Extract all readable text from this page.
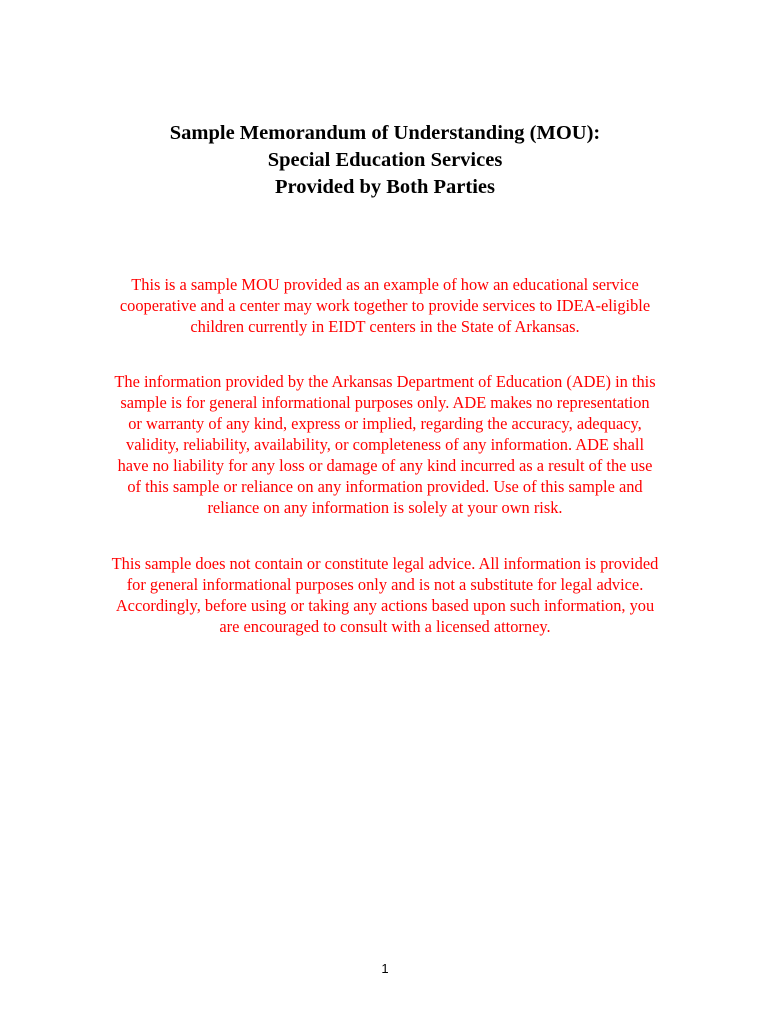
Sample Memorandum of Understanding (MOU):
Special Education Services
Provided by Both Parties

This is a sample MOU provided as an example of how an educational service
cooperative and a center may work together to provide services to IDEA-eligible
children currently in EIDT centers in the State of Arkansas.

The information provided by the Arkansas Department of Education (ADE) in this
sample is for general informational purposes only. ADE makes no representation
or warranty of any kind, express or implied, regarding the accuracy, adequacy,
validity, reliability, availability, or completeness of any information. ADE shall
have no liability for any loss or damage of any kind incurred as a result of the use
of this sample or reliance on any information provided. Use of this sample and
reliance on any information is solely at your own risk.

This sample does not contain or constitute legal advice. All information is provided
for general informational purposes only and is not a substitute for legal advice.
Accordingly, before using or taking any actions based upon such information, you
are encouraged to consult with a licensed attorney.

1
